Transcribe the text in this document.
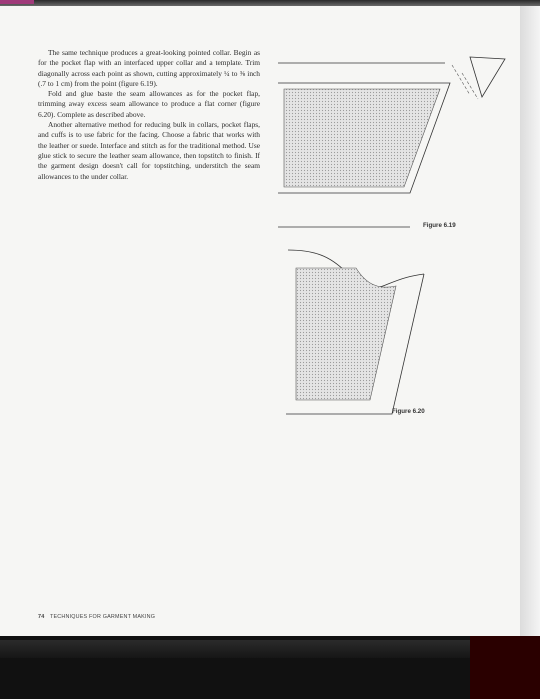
The same technique produces a great-looking pointed collar. Begin as for the pocket flap with an interfaced upper collar and a template. Trim diagonally across each point as shown, cutting approximately ¼ to ⅜ inch (.7 to 1 cm) from the point (figure 6.19).

Fold and glue baste the seam allowances as for the pocket flap, trimming away excess seam allowance to produce a flat corner (figure 6.20). Complete as described above.

Another alternative method for reducing bulk in collars, pocket flaps, and cuffs is to use fabric for the facing. Choose a fabric that works with the leather or suede. Interface and stitch as for the traditional method. Use glue stick to secure the leather seam allowance, then topstitch to finish. If the garment design doesn't call for topstitching, understitch the seam allowances to the under collar.

Figure 6.19
Figure 6.20
74 TECHNIQUES FOR GARMENT MAKING
